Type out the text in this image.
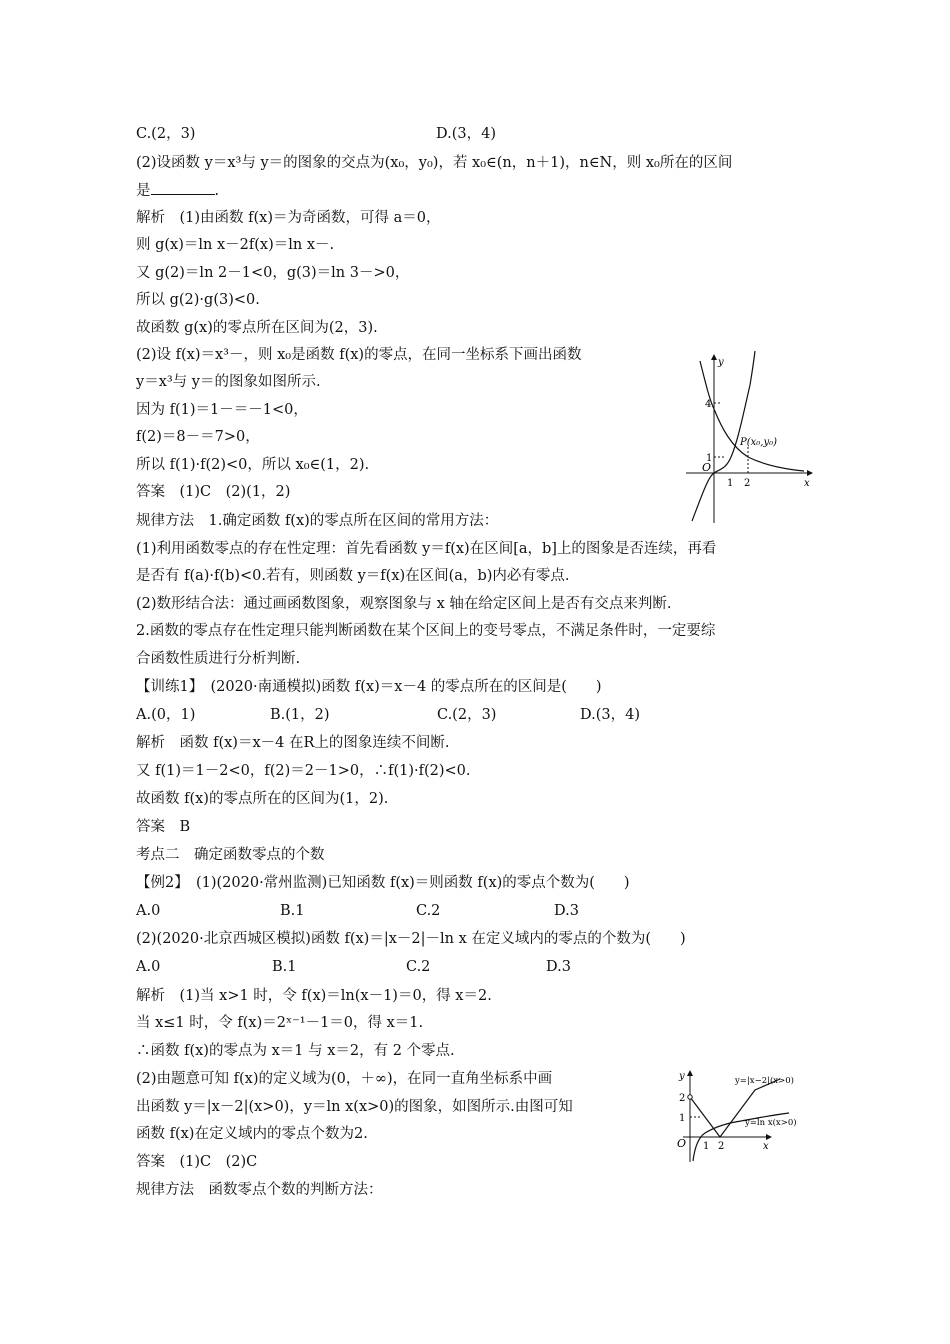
C.(2，3)	D.(3，4)
(2)设函数 y＝x³与 y＝的图象的交点为(x₀，y₀)，若 x₀∈(n，n＋1)，n∈N，则 x₀所在的区间
是	.
解析　(1)由函数 f(x)＝为奇函数，可得 a＝0，
则 g(x)＝ln x－2f(x)＝ln x－.
又 g(2)＝ln 2－1<0，g(3)＝ln 3－>0，
所以 g(2)·g(3)<0.
故函数 g(x)的零点所在区间为(2，3).
(2)设 f(x)＝x³－，则 x₀是函数 f(x)的零点，在同一坐标系下画出函数
y＝x³与 y＝的图象如图所示.
因为 f(1)＝1－＝－1<0，
f(2)＝8－＝7>0，
所以 f(1)·f(2)<0，所以 x₀∈(1，2).
答案　(1)C　(2)(1，2)
规律方法　1.确定函数 f(x)的零点所在区间的常用方法：
(1)利用函数零点的存在性定理：首先看函数 y＝f(x)在区间[a，b]上的图象是否连续，再看
是否有 f(a)·f(b)<0.若有，则函数 y＝f(x)在区间(a，b)内必有零点.
(2)数形结合法：通过画函数图象，观察图象与 x 轴在给定区间上是否有交点来判断.
2.函数的零点存在性定理只能判断函数在某个区间上的变号零点，不满足条件时，一定要综
合函数性质进行分析判断.
【训练1】　(2020·南通模拟)函数 f(x)＝x－4 的零点所在的区间是(　　)
A.(0，1)	B.(1，2)	C.(2，3)	D.(3，4)
解析　函数 f(x)＝x－4 在R上的图象连续不间断.
又 f(1)＝1－2<0，f(2)＝2－1>0，∴f(1)·f(2)<0.
故函数 f(x)的零点所在的区间为(1，2).
答案　B
考点二　确定函数零点的个数
【例2】　(1)(2020·常州监测)已知函数 f(x)＝则函数 f(x)的零点个数为(　　)
A.0	B.1	C.2	D.3
(2)(2020·北京西城区模拟)函数 f(x)＝|x－2|－ln x 在定义域内的零点的个数为(　　)
A.0	B.1	C.2	D.3
解析　(1)当 x>1 时，令 f(x)＝ln(x－1)＝0，得 x＝2.
当 x≤1 时，令 f(x)＝2ˣ⁻¹－1＝0，得 x＝1.
∴函数 f(x)的零点为 x＝1 与 x＝2，有 2 个零点.
(2)由题意可知 f(x)的定义域为(0，＋∞)，在同一直角坐标系中画
出函数 y＝|x－2|(x>0)，y＝ln x(x>0)的图象，如图所示.由图可知
函数 f(x)在定义域内的零点个数为2.
答案　(1)C　(2)C
规律方法　函数零点个数的判断方法：
y
x
O
4
1
1 2
P(x₀,y₀)
y
x
O
2
1
1 2
y=|x−2|(x>0)
y=ln x(x>0)
